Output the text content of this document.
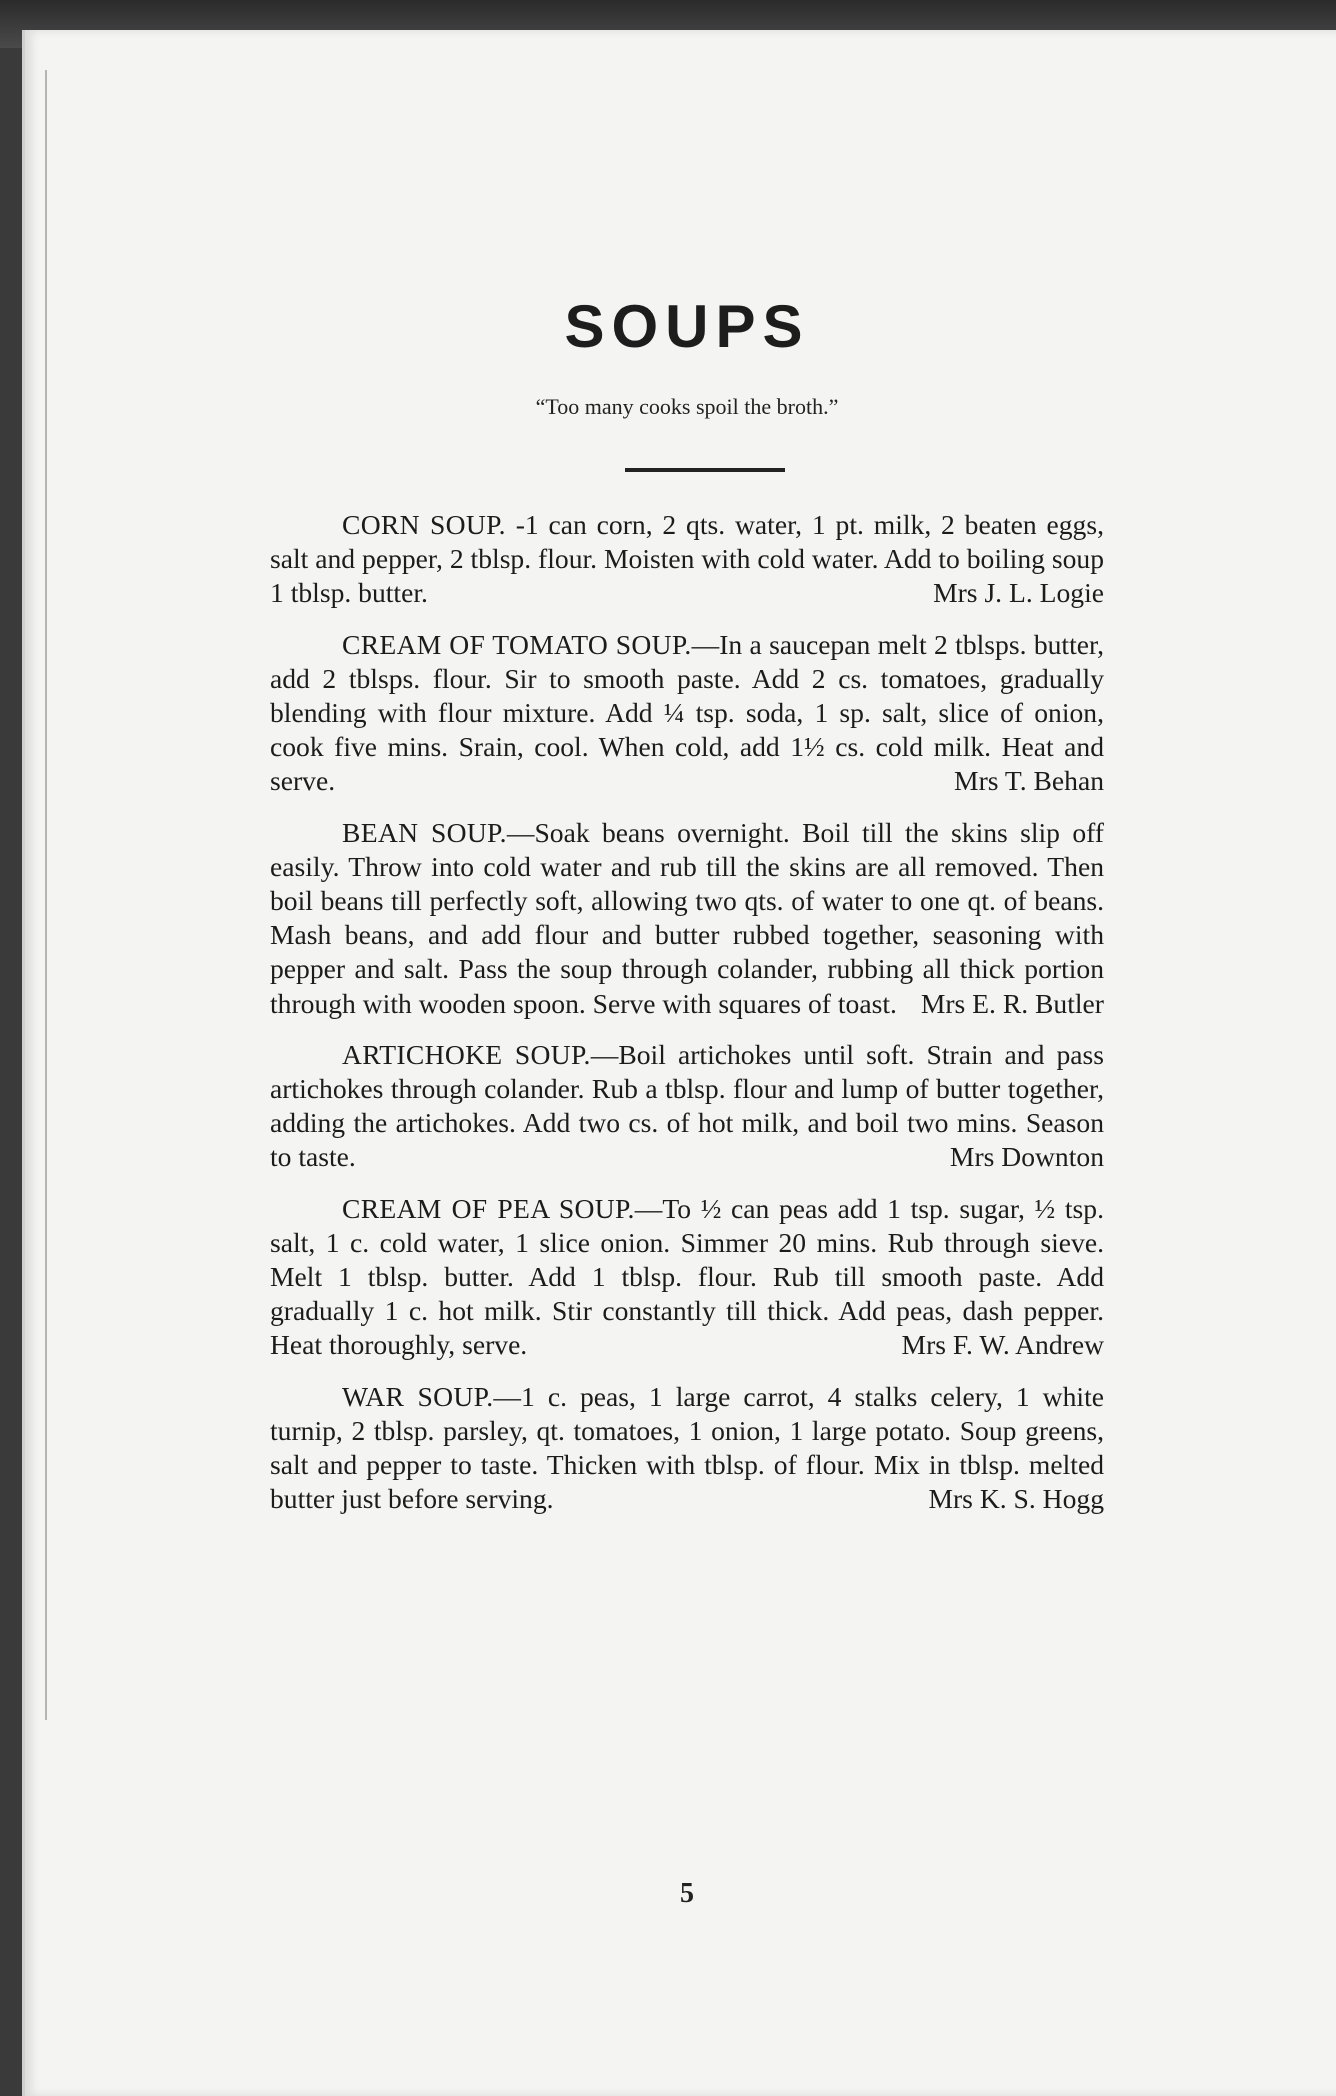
SOUPS
“Too many cooks spoil the broth.”

CORN SOUP. -1 can corn, 2 qts. water, 1 pt. milk, 2 beaten eggs, salt and pepper, 2 tblsp. flour. Moisten with cold water. Add to boiling soup 1 tblsp. butter.	Mrs J. L. Logie

CREAM OF TOMATO SOUP.—In a saucepan melt 2 tblsps. butter, add 2 tblsps. flour. Sir to smooth paste. Add 2 cs. tomatoes, gradually blending with flour mixture. Add ¼ tsp. soda, 1 sp. salt, slice of onion, cook five mins. Srain, cool. When cold, add 1½ cs. cold milk. Heat and serve.	Mrs T. Behan

BEAN SOUP.—Soak beans overnight. Boil till the skins slip off easily. Throw into cold water and rub till the skins are all removed. Then boil beans till perfectly soft, allowing two qts. of water to one qt. of beans. Mash beans, and add flour and butter rubbed together, seasoning with pepper and salt. Pass the soup through colander, rubbing all thick portion through with wooden spoon. Serve with squares of toast. Mrs E. R. Butler

ARTICHOKE SOUP.—Boil artichokes until soft. Strain and pass artichokes through colander. Rub a tblsp. flour and lump of butter together, adding the artichokes. Add two cs. of hot milk, and boil two mins. Season to taste.	Mrs Downton

CREAM OF PEA SOUP.—To ½ can peas add 1 tsp. sugar, ½ tsp. salt, 1 c. cold water, 1 slice onion. Simmer 20 mins. Rub through sieve. Melt 1 tblsp. butter. Add 1 tblsp. flour. Rub till smooth paste. Add gradually 1 c. hot milk. Stir constantly till thick. Add peas, dash pepper. Heat thoroughly, serve.	Mrs F. W. Andrew

WAR SOUP.—1 c. peas, 1 large carrot, 4 stalks celery, 1 white turnip, 2 tblsp. parsley, qt. tomatoes, 1 onion, 1 large potato. Soup greens, salt and pepper to taste. Thicken with tblsp. of flour. Mix in tblsp. melted butter just before serving.	Mrs K. S. Hogg

5
